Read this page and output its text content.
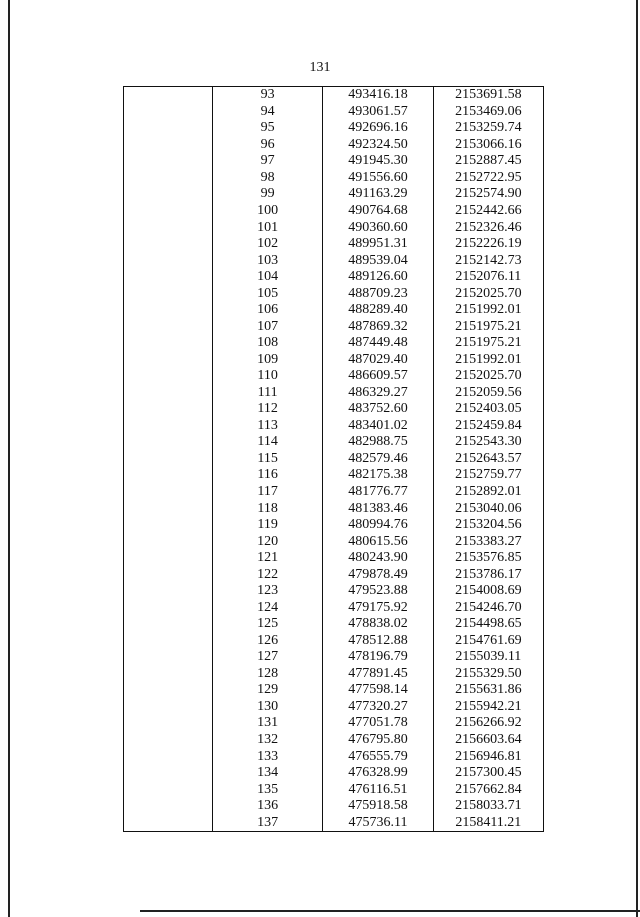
131
	93	493416.18	2153691.58
	94	493061.57	2153469.06
	95	492696.16	2153259.74
	96	492324.50	2153066.16
	97	491945.30	2152887.45
	98	491556.60	2152722.95
	99	491163.29	2152574.90
	100	490764.68	2152442.66
	101	490360.60	2152326.46
	102	489951.31	2152226.19
	103	489539.04	2152142.73
	104	489126.60	2152076.11
	105	488709.23	2152025.70
	106	488289.40	2151992.01
	107	487869.32	2151975.21
	108	487449.48	2151975.21
	109	487029.40	2151992.01
	110	486609.57	2152025.70
	111	486329.27	2152059.56
	112	483752.60	2152403.05
	113	483401.02	2152459.84
	114	482988.75	2152543.30
	115	482579.46	2152643.57
	116	482175.38	2152759.77
	117	481776.77	2152892.01
	118	481383.46	2153040.06
	119	480994.76	2153204.56
	120	480615.56	2153383.27
	121	480243.90	2153576.85
	122	479878.49	2153786.17
	123	479523.88	2154008.69
	124	479175.92	2154246.70
	125	478838.02	2154498.65
	126	478512.88	2154761.69
	127	478196.79	2155039.11
	128	477891.45	2155329.50
	129	477598.14	2155631.86
	130	477320.27	2155942.21
	131	477051.78	2156266.92
	132	476795.80	2156603.64
	133	476555.79	2156946.81
	134	476328.99	2157300.45
	135	476116.51	2157662.84
	136	475918.58	2158033.71
	137	475736.11	2158411.21
